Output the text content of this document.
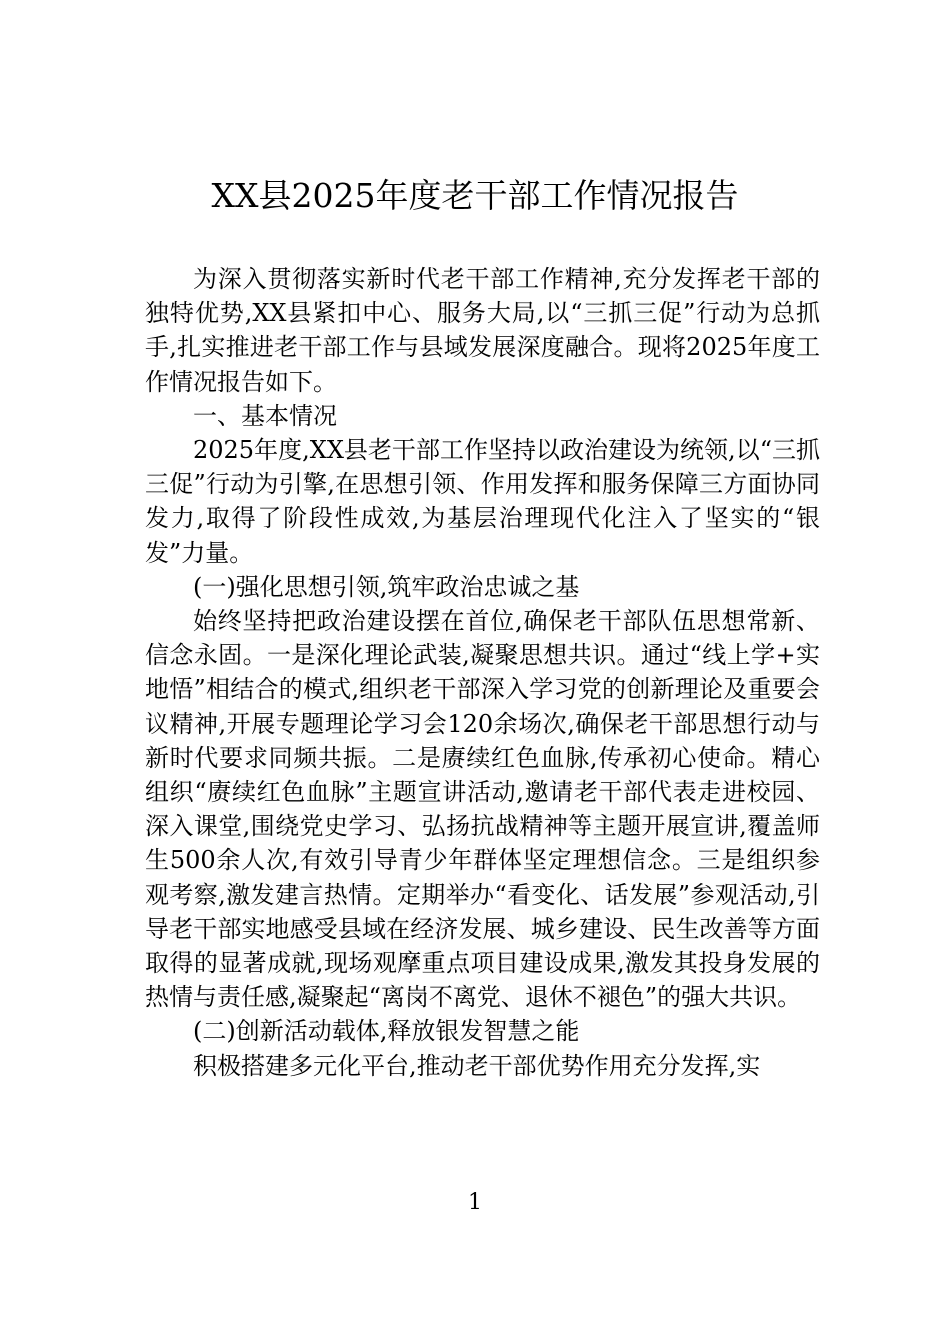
XX县2025年度老干部工作情况报告

为深入贯彻落实新时代老干部工作精神,充分发挥老干部的独特优势,XX县紧扣中心、服务大局,以“三抓三促”行动为总抓手,扎实推进老干部工作与县域发展深度融合。现将2025年度工作情况报告如下。

一、基本情况

2025年度,XX县老干部工作坚持以政治建设为统领,以“三抓三促”行动为引擎,在思想引领、作用发挥和服务保障三方面协同发力,取得了阶段性成效,为基层治理现代化注入了坚实的“银发”力量。

(一)强化思想引领,筑牢政治忠诚之基

始终坚持把政治建设摆在首位,确保老干部队伍思想常新、信念永固。一是深化理论武装,凝聚思想共识。通过“线上学+实地悟”相结合的模式,组织老干部深入学习党的创新理论及重要会议精神,开展专题理论学习会120余场次,确保老干部思想行动与新时代要求同频共振。二是赓续红色血脉,传承初心使命。精心组织“赓续红色血脉”主题宣讲活动,邀请老干部代表走进校园、深入课堂,围绕党史学习、弘扬抗战精神等主题开展宣讲,覆盖师生500余人次,有效引导青少年群体坚定理想信念。三是组织参观考察,激发建言热情。定期举办“看变化、话发展”参观活动,引导老干部实地感受县域在经济发展、城乡建设、民生改善等方面取得的显著成就,现场观摩重点项目建设成果,激发其投身发展的热情与责任感,凝聚起“离岗不离党、退休不褪色”的强大共识。

(二)创新活动载体,释放银发智慧之能

积极搭建多元化平台,推动老干部优势作用充分发挥,实

1
